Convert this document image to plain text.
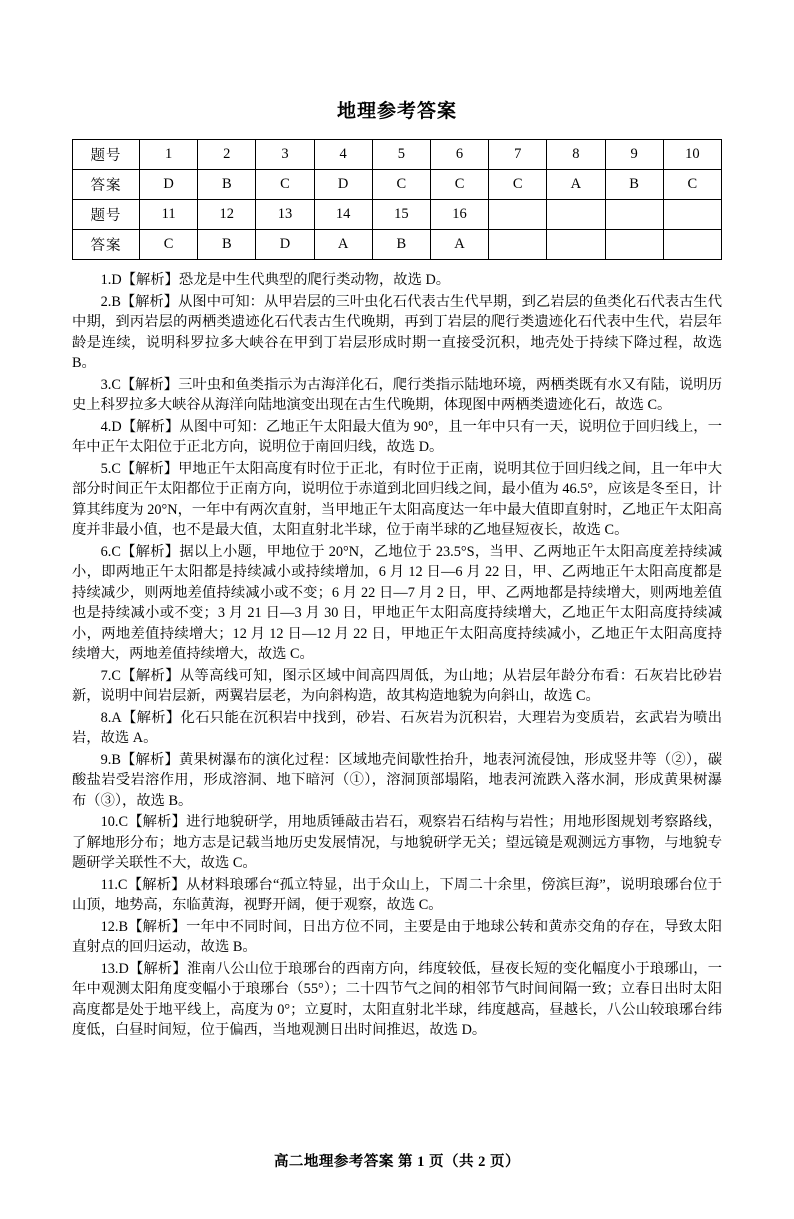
地理参考答案
题号	1	2	3	4	5	6	7	8	9	10
答案	D	B	C	D	C	C	C	A	B	C
题号	11	12	13	14	15	16				
答案	C	B	D	A	B	A				

1.D【解析】恐龙是中生代典型的爬行类动物，故选 D。

2.B【解析】从图中可知：从甲岩层的三叶虫化石代表古生代早期，到乙岩层的鱼类化石代表古生代中期，到丙岩层的两栖类遗迹化石代表古生代晚期，再到丁岩层的爬行类遗迹化石代表中生代，岩层年龄是连续，说明科罗拉多大峡谷在甲到丁岩层形成时期一直接受沉积，地壳处于持续下降过程，故选 B。

3.C【解析】三叶虫和鱼类指示为古海洋化石，爬行类指示陆地环境，两栖类既有水又有陆，说明历史上科罗拉多大峡谷从海洋向陆地演变出现在古生代晚期，体现图中两栖类遗迹化石，故选 C。

4.D【解析】从图中可知：乙地正午太阳最大值为 90°，且一年中只有一天，说明位于回归线上，一年中正午太阳位于正北方向，说明位于南回归线，故选 D。

5.C【解析】甲地正午太阳高度有时位于正北，有时位于正南，说明其位于回归线之间，且一年中大部分时间正午太阳都位于正南方向，说明位于赤道到北回归线之间，最小值为 46.5°，应该是冬至日，计算其纬度为 20°N，一年中有两次直射，当甲地正午太阳高度达一年中最大值即直射时，乙地正午太阳高度并非最小值，也不是最大值，太阳直射北半球，位于南半球的乙地昼短夜长，故选 C。

6.C【解析】据以上小题，甲地位于 20°N，乙地位于 23.5°S，当甲、乙两地正午太阳高度差持续减小，即两地正午太阳都是持续减小或持续增加，6 月 12 日—6 月 22 日，甲、乙两地正午太阳高度都是持续减少，则两地差值持续减小或不变；6 月 22 日—7 月 2 日，甲、乙两地都是持续增大，则两地差值也是持续减小或不变；3 月 21 日—3 月 30 日，甲地正午太阳高度持续增大，乙地正午太阳高度持续减小，两地差值持续增大；12 月 12 日—12 月 22 日，甲地正午太阳高度持续减小，乙地正午太阳高度持续增大，两地差值持续增大，故选 C。

7.C【解析】从等高线可知，图示区域中间高四周低，为山地；从岩层年龄分布看：石灰岩比砂岩新，说明中间岩层新，两翼岩层老，为向斜构造，故其构造地貌为向斜山，故选 C。

8.A【解析】化石只能在沉积岩中找到，砂岩、石灰岩为沉积岩，大理岩为变质岩，玄武岩为喷出岩，故选 A。

9.B【解析】黄果树瀑布的演化过程：区域地壳间歇性抬升，地表河流侵蚀，形成竖井等（②），碳酸盐岩受岩溶作用，形成溶洞、地下暗河（①），溶洞顶部塌陷，地表河流跌入落水洞，形成黄果树瀑布（③），故选 B。

10.C【解析】进行地貌研学，用地质锤敲击岩石，观察岩石结构与岩性；用地形图规划考察路线，了解地形分布；地方志是记载当地历史发展情况，与地貌研学无关；望远镜是观测远方事物，与地貌专题研学关联性不大，故选 C。

11.C【解析】从材料琅琊台“孤立特显，出于众山上，下周二十余里，傍滨巨海”，说明琅琊台位于山顶，地势高，东临黄海，视野开阔，便于观察，故选 C。

12.B【解析】一年中不同时间，日出方位不同，主要是由于地球公转和黄赤交角的存在，导致太阳直射点的回归运动，故选 B。

13.D【解析】淮南八公山位于琅琊台的西南方向，纬度较低，昼夜长短的变化幅度小于琅琊山，一年中观测太阳角度变幅小于琅琊台（55°）；二十四节气之间的相邻节气时间间隔一致；立春日出时太阳高度都是处于地平线上，高度为 0°；立夏时，太阳直射北半球，纬度越高，昼越长，八公山较琅琊台纬度低，白昼时间短，位于偏西，当地观测日出时间推迟，故选 D。

高二地理参考答案 第 1 页（共 2 页）
